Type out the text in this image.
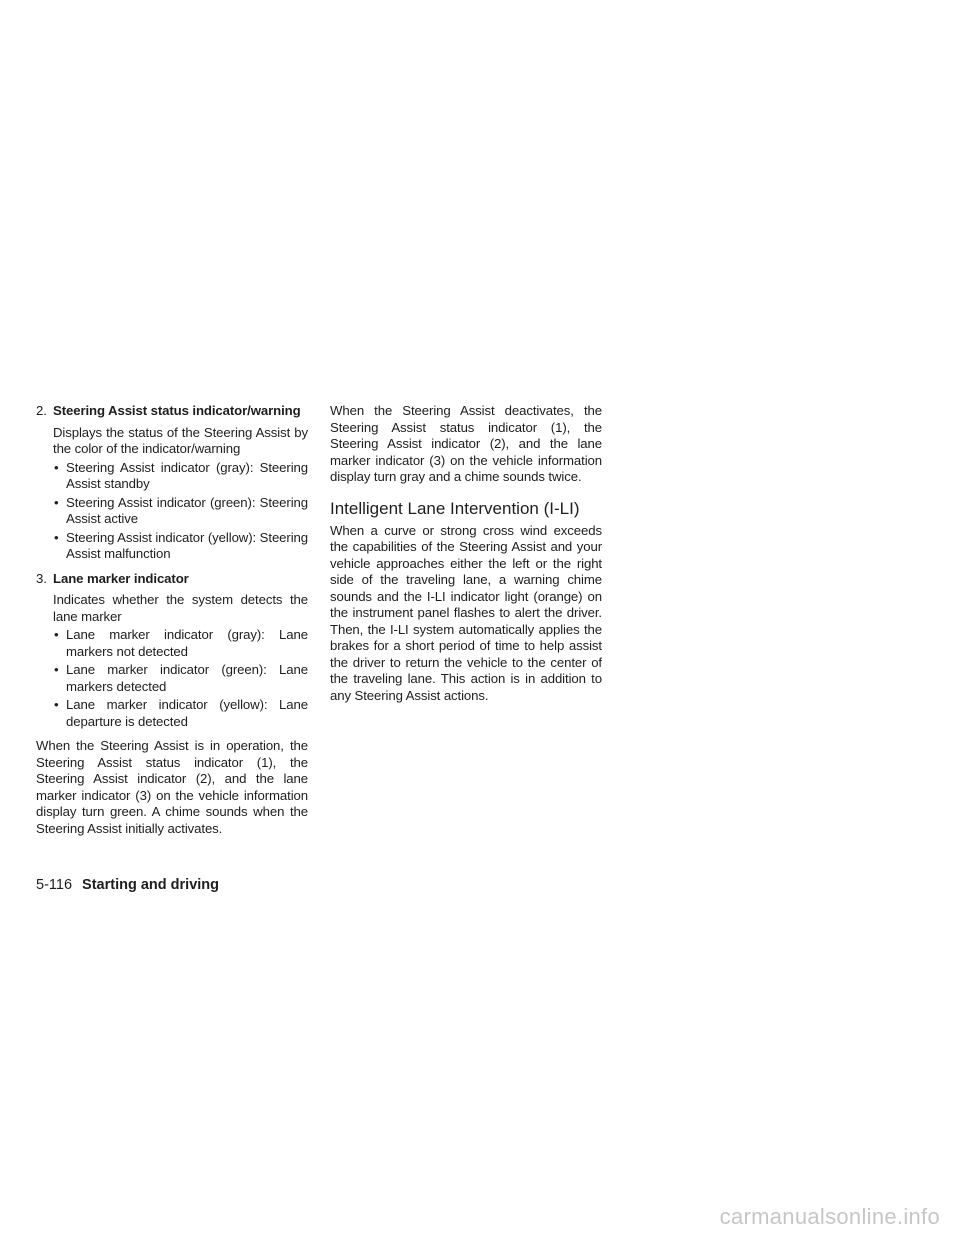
2. Steering Assist status indicator/warning

Displays the status of the Steering Assist by the color of the indicator/warning

• Steering Assist indicator (gray): Steering Assist standby
• Steering Assist indicator (green): Steering Assist active
• Steering Assist indicator (yellow): Steering Assist malfunction
3. Lane marker indicator

Indicates whether the system detects the lane marker

• Lane marker indicator (gray): Lane markers not detected
• Lane marker indicator (green): Lane markers detected
• Lane marker indicator (yellow): Lane departure is detected

When the Steering Assist is in operation, the Steering Assist status indicator (1), the Steering Assist indicator (2), and the lane marker indicator (3) on the vehicle information display turn green. A chime sounds when the Steering Assist initially activates.

When the Steering Assist deactivates, the Steering Assist status indicator (1), the Steering Assist indicator (2), and the lane marker indicator (3) on the vehicle information display turn gray and a chime sounds twice.

Intelligent Lane Intervention (I-LI)

When a curve or strong cross wind exceeds the capabilities of the Steering Assist and your vehicle approaches either the left or the right side of the traveling lane, a warning chime sounds and the I-LI indicator light (orange) on the instrument panel flashes to alert the driver. Then, the I-LI system automatically applies the brakes for a short period of time to help assist the driver to return the vehicle to the center of the traveling lane. This action is in addition to any Steering Assist actions.

5-116 Starting and driving
carmanualsonline.info
